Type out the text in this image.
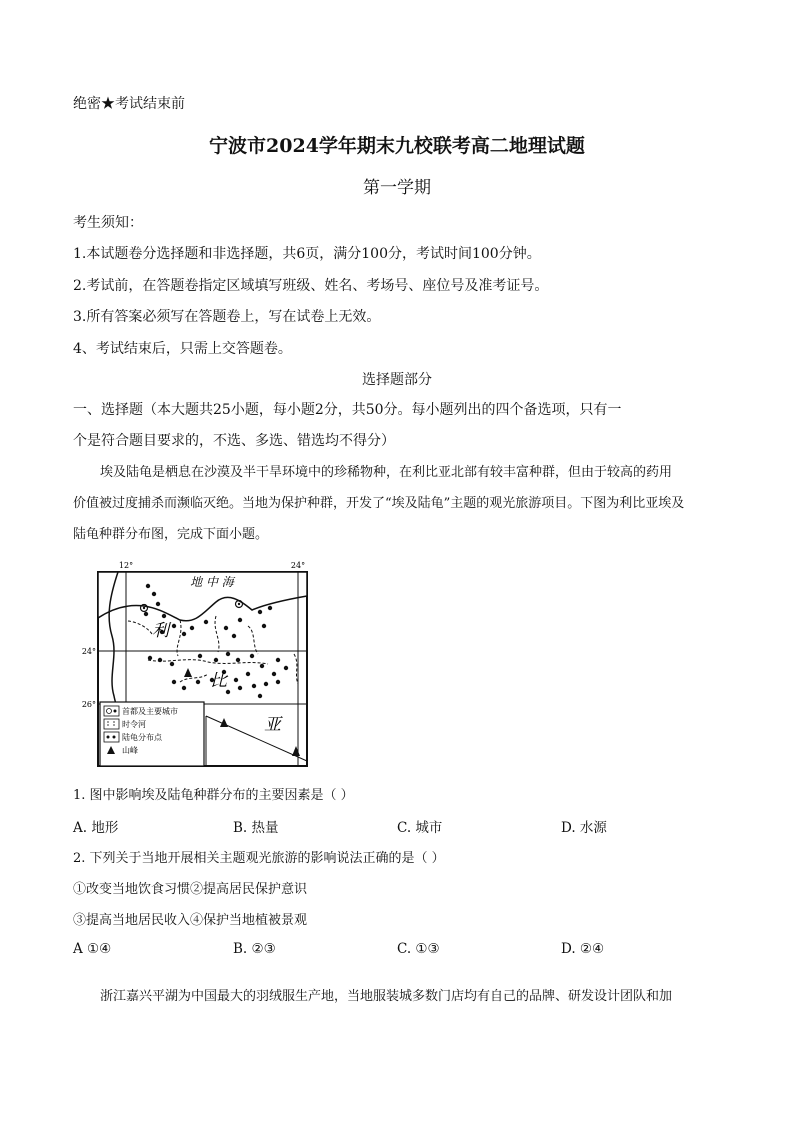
绝密★考试结束前
宁波市2024学年期末九校联考高二地理试题
第一学期
考生须知：
1.本试题卷分选择题和非选择题，共6页，满分100分，考试时间100分钟。
2.考试前，在答题卷指定区域填写班级、姓名、考场号、座位号及准考证号。
3.所有答案必须写在答题卷上，写在试卷上无效。
4、考试结束后，只需上交答题卷。
选择题部分
一、选择题（本大题共25小题，每小题2分，共50分。每小题列出的四个备选项，只有一
个是符合题目要求的，不选、多选、错选均不得分）
埃及陆龟是栖息在沙漠及半干旱环境中的珍稀物种，在利比亚北部有较丰富种群，但由于较高的药用
价值被过度捕杀而濒临灭绝。当地为保护种群，开发了“埃及陆龟”主题的观光旅游项目。下图为利比亚埃及
陆龟种群分布图，完成下面小题。
12°	24°
24°
26°
地 中 海
利
比
亚
首都及主要城市
时令河
陆龟分布点
山峰
1. 图中影响埃及陆龟种群分布的主要因素是（ ）
A. 地形	B. 热量	C. 城市	D. 水源
2. 下列关于当地开展相关主题观光旅游的影响说法正确的是（ ）
①改变当地饮食习惯②提高居民保护意识
③提高当地居民收入④保护当地植被景观
A ①④	B. ②③	C. ①③	D. ②④
浙江嘉兴平湖为中国最大的羽绒服生产地，当地服装城多数门店均有自己的品牌、研发设计团队和加
